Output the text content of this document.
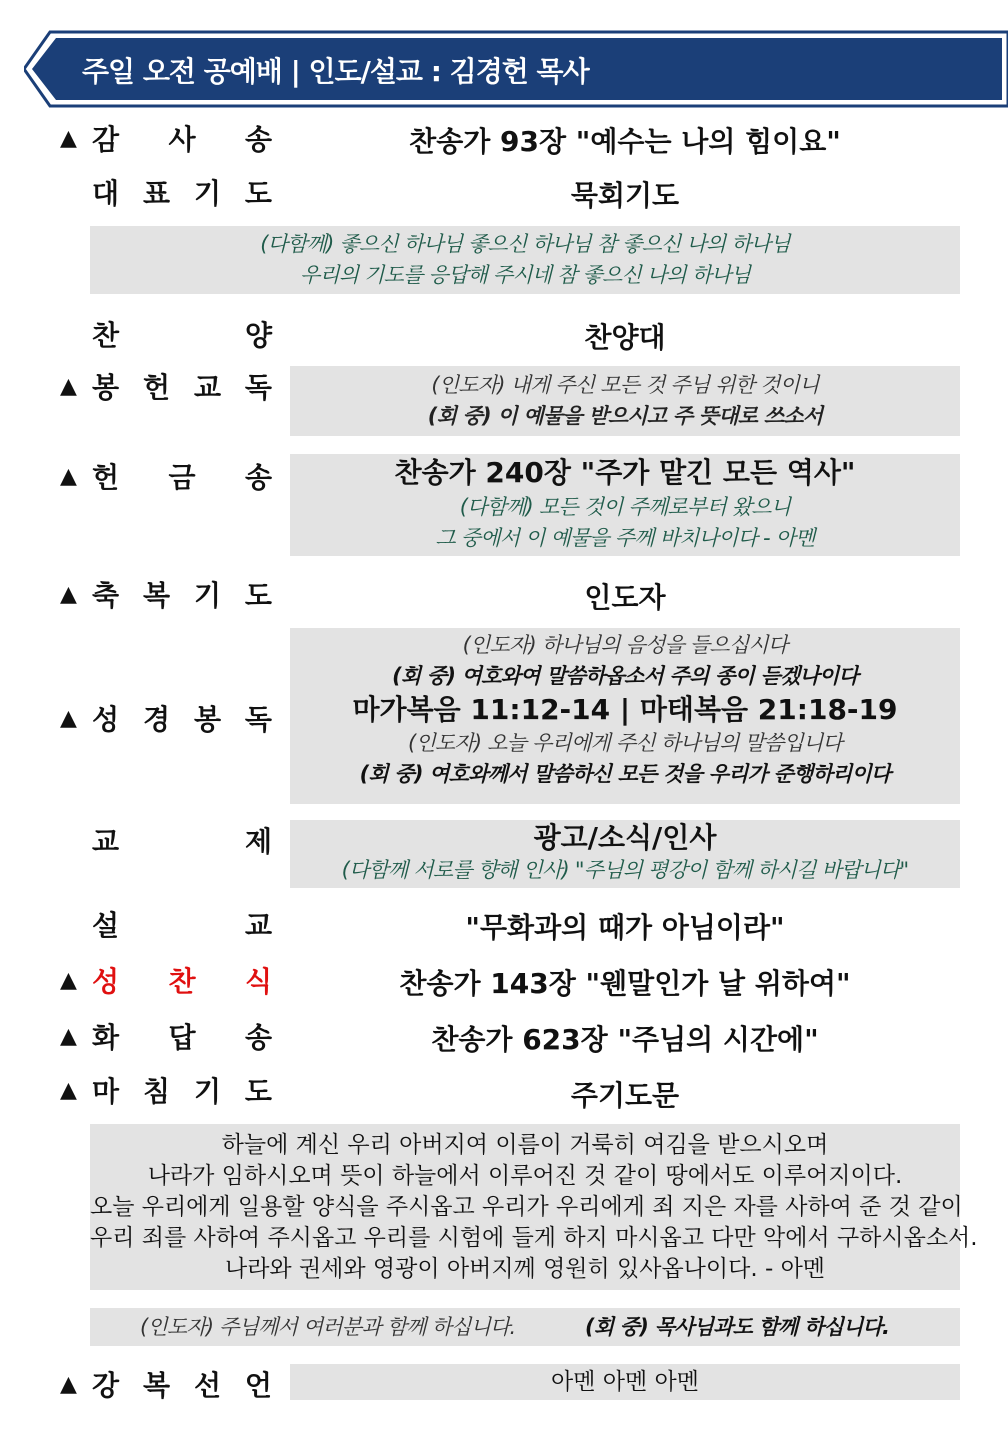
주일 오전 공예배 | 인도/설교 : 김경헌 목사
▲ 감 사 송	찬송가 93장 "예수는 나의 힘이요"
대 표 기 도	묵회기도
(다함께) 좋으신 하나님 좋으신 하나님 참 좋으신 나의 하나님
우리의 기도를 응답해 주시네 참 좋으신 나의 하나님
찬	양	찬양대
▲ 봉 헌 교 독	(인도자) 내게 주신 모든 것 주님 위한 것이니
(회 중) 이 예물을 받으시고 주 뜻대로 쓰소서
▲ 헌 금 송	찬송가 240장 "주가 맡긴 모든 역사"
(다함께) 모든 것이 주께로부터 왔으니
그 중에서 이 예물을 주께 바치나이다 - 아멘
▲ 축 복 기 도	인도자
▲ 성 경 봉 독
(인도자) 하나님의 음성을 들으십시다
(회 중) 여호와여 말씀하옵소서 주의 종이 듣겠나이다
마가복음 11:12-14 | 마태복음 21:18-19
(인도자) 오늘 우리에게 주신 하나님의 말씀입니다
(회 중) 여호와께서 말씀하신 모든 것을 우리가 준행하리이다
교	제	광고/소식/인사
(다함께 서로를 향해 인사) "주님의 평강이 함께 하시길 바랍니다"
설	교	"무화과의 때가 아님이라"
▲ 성 찬 식	찬송가 143장 "웬말인가 날 위하여"
▲ 화 답 송	찬송가 623장 "주님의 시간에"
▲ 마 침 기 도	주기도문
하늘에 계신 우리 아버지여 이름이 거룩히 여김을 받으시오며
나라가 임하시오며 뜻이 하늘에서 이루어진 것 같이 땅에서도 이루어지이다.
오늘 우리에게 일용할 양식을 주시옵고 우리가 우리에게 죄 지은 자를 사하여 준 것 같이
우리 죄를 사하여 주시옵고 우리를 시험에 들게 하지 마시옵고 다만 악에서 구하시옵소서.
나라와 권세와 영광이 아버지께 영원히 있사옵나이다. - 아멘
(인도자) 주님께서 여러분과 함께 하십니다.	(회 중) 목사님과도 함께 하십니다.
▲ 강 복 선 언	아멘 아멘 아멘
